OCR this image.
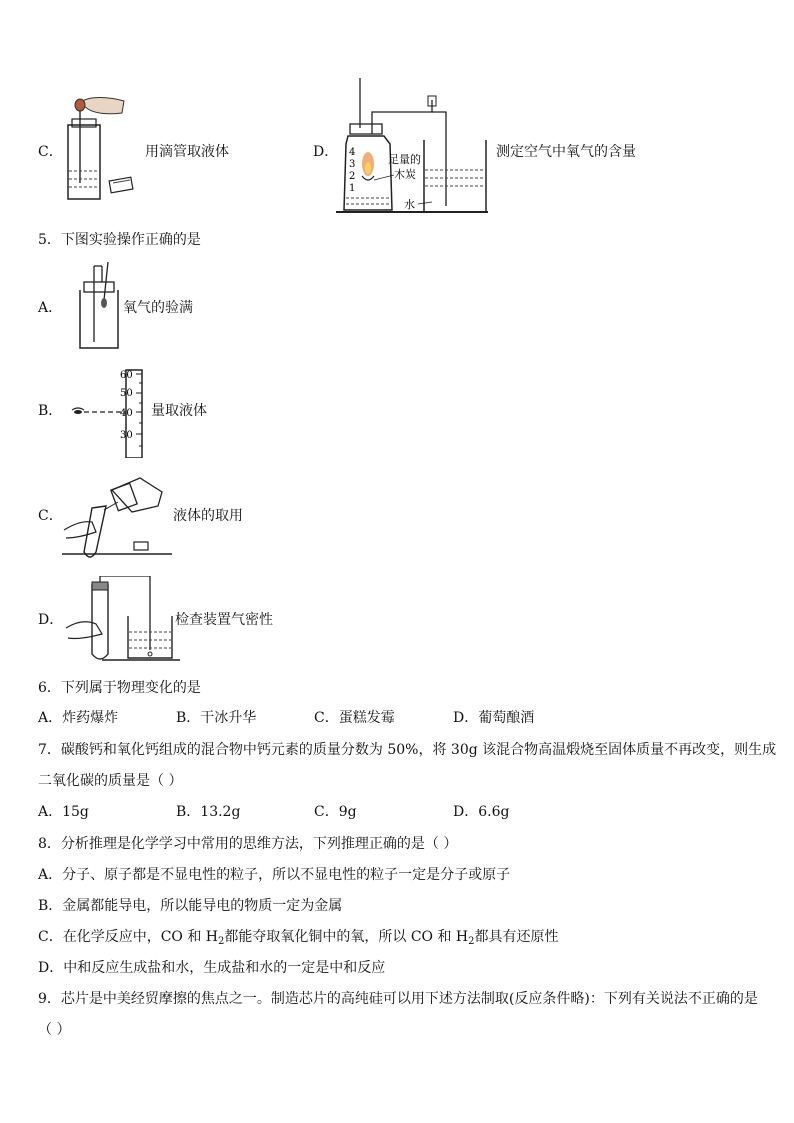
C．	用滴管取液体	D． 4
3
2
1
足量的
木炭
水
测定空气中氧气的含量
5．下图实验操作正确的是
A．	氧气的验满
B．
60
50
40
30
量取液体
C．	液体的取用
D．	检查装置气密性
6．下列属于物理变化的是
A．炸药爆炸	B．干冰升华	C．蛋糕发霉	D．葡萄酿酒
7．碳酸钙和氧化钙组成的混合物中钙元素的质量分数为 50%，将 30g 该混合物高温煅烧至固体质量不再改变，则生成
二氧化碳的质量是（ ）
A．15g	B．13.2g	C．9g	D．6.6g
8．分析推理是化学学习中常用的思维方法，下列推理正确的是（ ）
A．分子、原子都是不显电性的粒子，所以不显电性的粒子一定是分子或原子
B．金属都能导电，所以能导电的物质一定为金属
C．在化学反应中，CO 和 $H_2$都能夺取氧化铜中的氧，所以 CO 和 $H_2$都具有还原性
D．中和反应生成盐和水，生成盐和水的一定是中和反应
9．芯片是中美经贸摩擦的焦点之一。制造芯片的高纯硅可以用下述方法制取(反应条件略)：下列有关说法不正确的是
（ ）
